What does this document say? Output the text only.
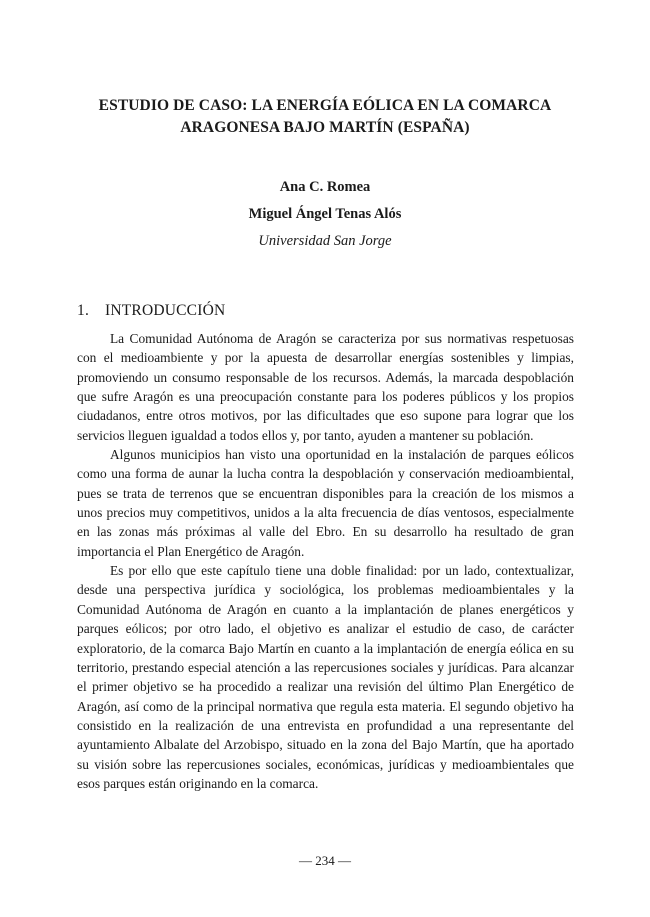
ESTUDIO DE CASO: LA ENERGÍA EÓLICA EN LA COMARCA
ARAGONESA BAJO MARTÍN (ESPAÑA)
Ana C. Romea
Miguel Ángel Tenas Alós
Universidad San Jorge
1. INTRODUCCIÓN

La Comunidad Autónoma de Aragón se caracteriza por sus normativas respetuosas con el medioambiente y por la apuesta de desarrollar energías sostenibles y limpias, promoviendo un consumo responsable de los recursos. Además, la marcada despoblación que sufre Aragón es una preocupación constante para los poderes públicos y los propios ciudadanos, entre otros motivos, por las dificultades que eso supone para lograr que los servicios lleguen igualdad a todos ellos y, por tanto, ayuden a mantener su población.

Algunos municipios han visto una oportunidad en la instalación de parques eólicos como una forma de aunar la lucha contra la despoblación y conservación medioambiental, pues se trata de terrenos que se encuentran disponibles para la creación de los mismos a unos precios muy competitivos, unidos a la alta frecuencia de días ventosos, especialmente en las zonas más próximas al valle del Ebro. En su desarrollo ha resultado de gran importancia el Plan Energético de Aragón.

Es por ello que este capítulo tiene una doble finalidad: por un lado, contextualizar, desde una perspectiva jurídica y sociológica, los problemas medioambientales y la Comunidad Autónoma de Aragón en cuanto a la implantación de planes energéticos y parques eólicos; por otro lado, el objetivo es analizar el estudio de caso, de carácter exploratorio, de la comarca Bajo Martín en cuanto a la implantación de energía eólica en su territorio, prestando especial atención a las repercusiones sociales y jurídicas. Para alcanzar el primer objetivo se ha procedido a realizar una revisión del último Plan Energético de Aragón, así como de la principal normativa que regula esta materia. El segundo objetivo ha consistido en la realización de una entrevista en profundidad a una representante del ayuntamiento Albalate del Arzobispo, situado en la zona del Bajo Martín, que ha aportado su visión sobre las repercusiones sociales, económicas, jurídicas y medioambientales que esos parques están originando en la comarca.

— 234 —
